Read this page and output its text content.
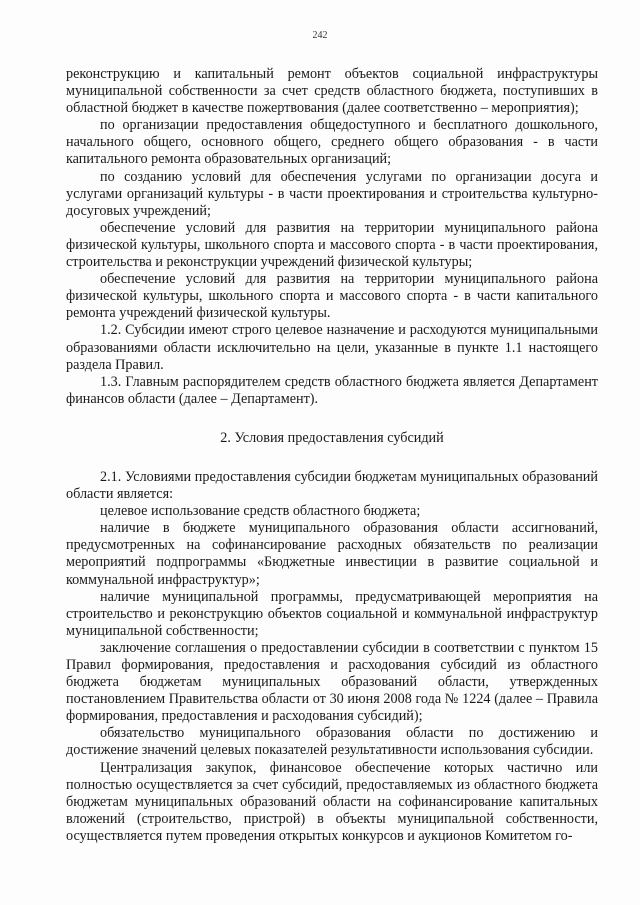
242

реконструкцию и капитальный ремонт объектов социальной инфраструктуры муниципальной собственности за счет средств областного бюджета, поступивших в областной бюджет в качестве пожертвования (далее соответственно – мероприятия);

по организации предоставления общедоступного и бесплатного дошкольного, начального общего, основного общего, среднего общего образования - в части капитального ремонта образовательных организаций;

по созданию условий для обеспечения услугами по организации досуга и услугами организаций культуры - в части проектирования и строительства культурно-досуговых учреждений;

обеспечение условий для развития на территории муниципального района физической культуры, школьного спорта и массового спорта - в части проектирования, строительства и реконструкции учреждений физической культуры;

обеспечение условий для развития на территории муниципального района физической культуры, школьного спорта и массового спорта - в части капитального ремонта учреждений физической культуры.

1.2. Субсидии имеют строго целевое назначение и расходуются муниципальными образованиями области исключительно на цели, указанные в пункте 1.1 настоящего раздела Правил.

1.3. Главным распорядителем средств областного бюджета является Департамент финансов области (далее – Департамент).

2. Условия предоставления субсидий

2.1. Условиями предоставления субсидии бюджетам муниципальных образований области является:

целевое использование средств областного бюджета;

наличие в бюджете муниципального образования области ассигнований, предусмотренных на софинансирование расходных обязательств по реализации мероприятий подпрограммы «Бюджетные инвестиции в развитие социальной и коммунальной инфраструктур»;

наличие муниципальной программы, предусматривающей мероприятия на строительство и реконструкцию объектов социальной и коммунальной инфраструктур муниципальной собственности;

заключение соглашения о предоставлении субсидии в соответствии с пунктом 15 Правил формирования, предоставления и расходования субсидий из областного бюджета бюджетам муниципальных образований области, утвержденных постановлением Правительства области от 30 июня 2008 года № 1224 (далее – Правила формирования, предоставления и расходования субсидий);

обязательство муниципального образования области по достижению и достижение значений целевых показателей результативности использования субсидии.

Централизация закупок, финансовое обеспечение которых частично или полностью осуществляется за счет субсидий, предоставляемых из областного бюджета бюджетам муниципальных образований области на софинансирование капитальных вложений (строительство, пристрой) в объекты муниципальной собственности, осуществляется путем проведения открытых конкурсов и аукционов Комитетом го-
